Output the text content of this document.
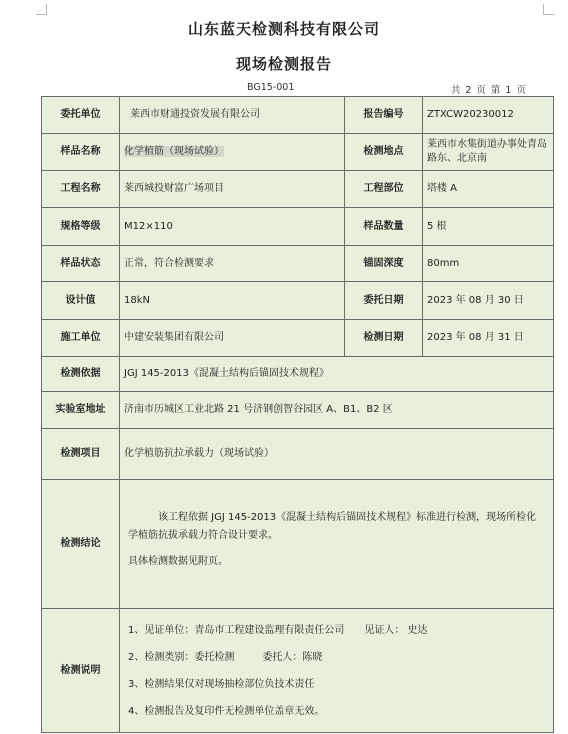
山东蓝天检测科技有限公司
现场检测报告
BG15-001	共 2 页 第 1 页
委托单位	莱西市财通投资发展有限公司	报告编号	ZTXCW20230012
样品名称	化学植筋（现场试验）	检测地点	莱西市水集街道办事处青岛路东、北京南
工程名称	莱西城投财富广场项目	工程部位	塔楼 A
规格等级	M12×110	样品数量	5 根
样品状态	正常，符合检测要求	锚固深度	80mm
设计值	18kN	委托日期	2023 年 08 月 30 日
施工单位	中建安装集团有限公司	检测日期	2023 年 08 月 31 日
检测依据	JGJ 145-2013《混凝土结构后锚固技术规程》		
实验室地址	济南市历城区工业北路 21 号济钢创智谷园区 A、B1、B2 区		
检测项目	化学植筋抗拉承载力（现场试验）		
检测结论	该工程依据 JGJ 145-2013《混凝土结构后锚固技术规程》标准进行检测，现场所检化学植筋抗拔承载力符合设计要求。

具体检测数据见附页。		

检测说明	1、见证单位：青岛市工程建设监理有限责任公司 见证人： 史达

2、检测类别：委托检测 委托人：陈晓

3、检测结果仅对现场抽检部位负技术责任

4、检测报告及复印件无检测单位盖章无效。		
